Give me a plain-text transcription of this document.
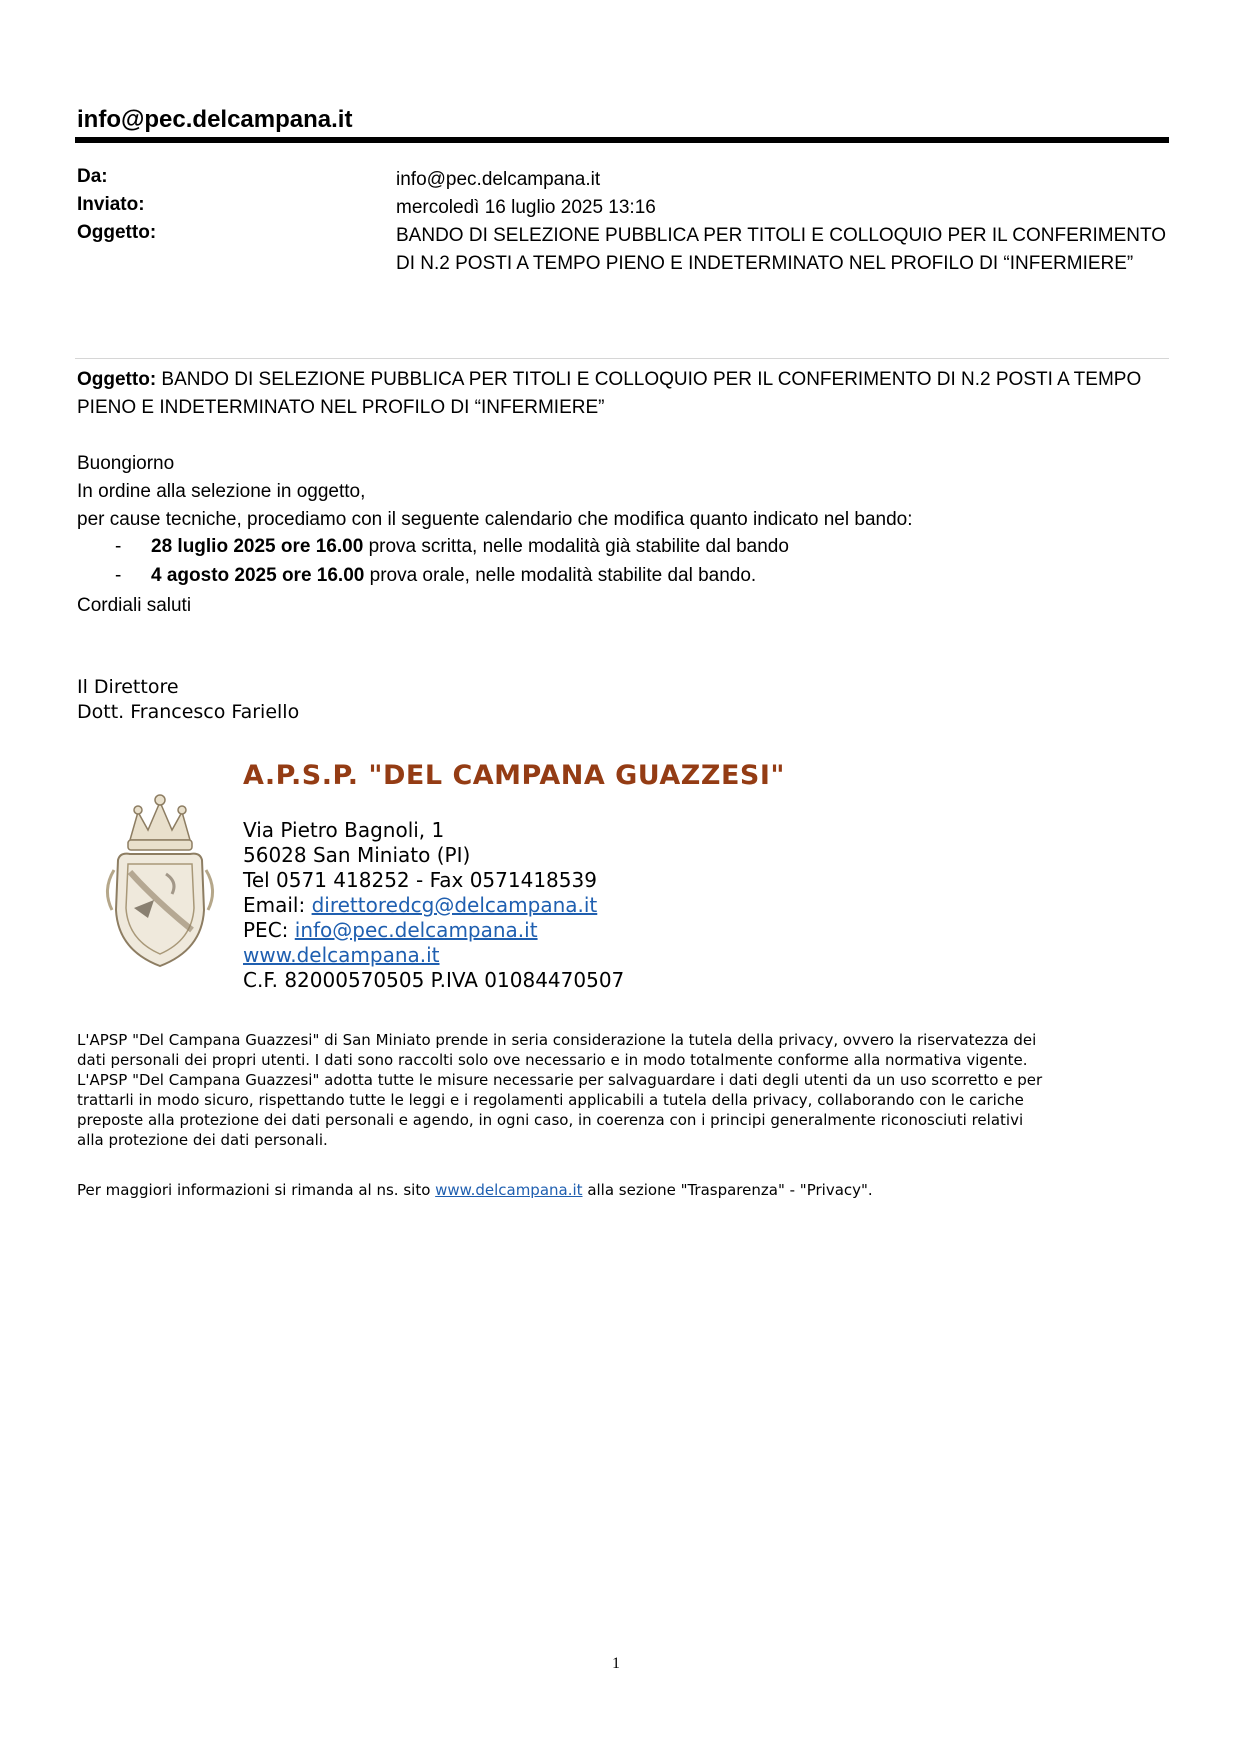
info@pec.delcampana.it
Da:	info@pec.delcampana.it
Inviato:	mercoledì 16 luglio 2025 13:16
Oggetto:	BANDO DI SELEZIONE PUBBLICA PER TITOLI E COLLOQUIO PER IL CONFERIMENTO
DI N.2 POSTI A TEMPO PIENO E INDETERMINATO NEL PROFILO DI “INFERMIERE”
Oggetto: BANDO DI SELEZIONE PUBBLICA PER TITOLI E COLLOQUIO PER IL CONFERIMENTO DI N.2 POSTI A TEMPO
PIENO E INDETERMINATO NEL PROFILO DI “INFERMIERE”
Buongiorno
In ordine alla selezione in oggetto,
per cause tecniche, procediamo con il seguente calendario che modifica quanto indicato nel bando:
- 28 luglio 2025 ore 16.00 prova scritta, nelle modalità già stabilite dal bando
- 4 agosto 2025 ore 16.00 prova orale, nelle modalità stabilite dal bando.
Cordiali saluti
Il Direttore
Dott. Francesco Fariello
A.P.S.P. "DEL CAMPANA GUAZZESI"
Via Pietro Bagnoli, 1
56028 San Miniato (PI)
Tel 0571 418252 - Fax 0571418539
Email: direttoredcg@delcampana.it
PEC: info@pec.delcampana.it
www.delcampana.it
C.F. 82000570505 P.IVA 01084470507
L'APSP "Del Campana Guazzesi" di San Miniato prende in seria considerazione la tutela della privacy, ovvero la riservatezza dei
dati personali dei propri utenti. I dati sono raccolti solo ove necessario e in modo totalmente conforme alla normativa vigente.
L'APSP "Del Campana Guazzesi" adotta tutte le misure necessarie per salvaguardare i dati degli utenti da un uso scorretto e per
trattarli in modo sicuro, rispettando tutte le leggi e i regolamenti applicabili a tutela della privacy, collaborando con le cariche
preposte alla protezione dei dati personali e agendo, in ogni caso, in coerenza con i principi generalmente riconosciuti relativi
alla protezione dei dati personali.
Per maggiori informazioni si rimanda al ns. sito www.delcampana.it alla sezione "Trasparenza" - "Privacy".
1
